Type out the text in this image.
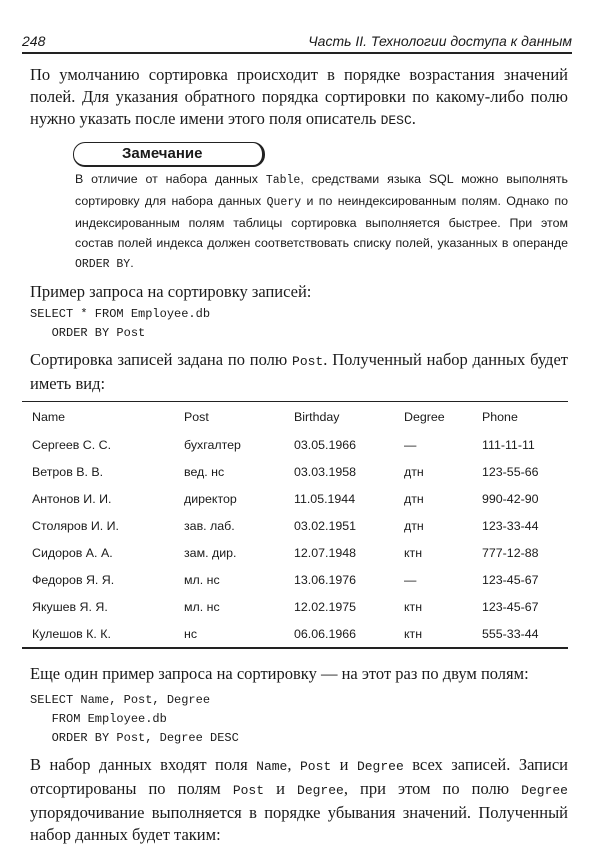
248	Часть II. Технологии доступа к данным

По умолчанию сортировка происходит в порядке возрастания значений полей. Для указания обратного порядка сортировки по какому-либо полю нужно указать после имени этого поля описатель DESC.

Замечание

В отличие от набора данных Table, средствами языка SQL можно выполнять сортировку для набора данных Query и по неиндексированным полям. Однако по индексированным полям таблицы сортировка выполняется быстрее. При этом состав полей индекса должен соответствовать списку полей, указанных в операнде ORDER BY.

Пример запроса на сортировку записей:

SELECT * FROM Employee.db
ORDER BY Post

Сортировка записей задана по полю Post. Полученный набор данных будет иметь вид:

Name	Post	Birthday	Degree	Phone
Сергеев С. С.	бухгалтер	03.05.1966	—	111-11-11
Ветров В. В.	вед. нс	03.03.1958	дтн	123-55-66
Антонов И. И.	директор	11.05.1944	дтн	990-42-90
Столяров И. И.	зав. лаб.	03.02.1951	дтн	123-33-44
Сидоров А. А.	зам. дир.	12.07.1948	ктн	777-12-88
Федоров Я. Я.	мл. нс	13.06.1976	—	123-45-67
Якушев Я. Я.	мл. нс	12.02.1975	ктн	123-45-67
Кулешов К. К.	нс	06.06.1966	ктн	555-33-44

Еще один пример запроса на сортировку — на этот раз по двум полям:

SELECT Name, Post, Degree
FROM Employee.db
ORDER BY Post, Degree DESC

В набор данных входят поля Name, Post и Degree всех записей. Записи отсортированы по полям Post и Degree, при этом по полю Degree упорядочивание выполняется в порядке убывания значений. Полученный набор данных будет таким:
